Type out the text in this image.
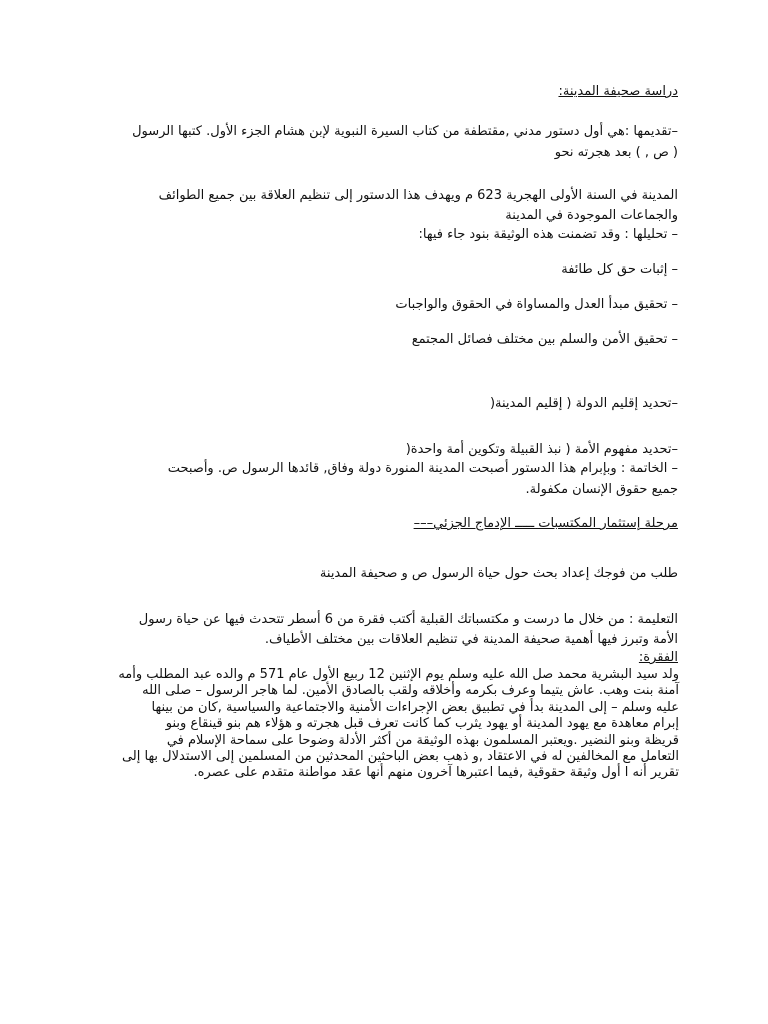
دراسة صحيفة المدينة:
–تقديمها :هي أول دستور مدني ,مقتطفة من كتاب السيرة النبوية لإبن هشام الجزء الأول. كتبها الرسول
( ص , ) بعد هجرته نحو
المدينة في السنة الأولى الهجرية 623 م ويهدف هذا الدستور إلى تنظيم العلاقة بين جميع الطوائف
والجماعات الموجودة في المدينة
– تحليلها : وقد تضمنت هذه الوثيقة بنود جاء فيها:
– إثبات حق كل طائفة
– تحقيق مبدأ العدل والمساواة في الحقوق والواجبات
– تحقيق الأمن والسلم بين مختلف فصائل المجتمع
–تحديد إقليم الدولة ( إقليم المدينة(
–تحديد مفهوم الأمة ( نبذ القبيلة وتكوين أمة واحدة(
– الخاتمة : وبإبرام هذا الدستور أصبحت المدينة المنورة دولة وفاق, قائدها الرسول ص. وأصبحت
جميع حقوق الإنسان مكفولة.
مرحلة إستثمار المكتسبات ـــــ الإدماج الجزئي–––
طلب من فوجك إعداد بحث حول حياة الرسول ص و صحيفة المدينة
التعليمة : من خلال ما درست و مكتسباتك القبلية أكتب فقرة من 6 أسطر تتحدث فيها عن حياة رسول
الأمة وتبرز فيها أهمية صحيفة المدينة في تنظيم العلاقات بين مختلف الأطياف.
الفقرة:

ولد سيد البشرية محمد صل الله عليه وسلم يوم الإثنين 12 ربيع الأول عام 571 م والده عبد المطلب وأمه

آمنة بنت وهب. عاش يتيما وعرف بكرمه وأخلاقه ولقب بالصادق الأمين. لما هاجر الرسول – صلى الله

عليه وسلم – إلى المدينة بدأ في تطبيق بعض الإجراءات الأمنية والاجتماعية والسياسية ,كان من بينها

إبرام معاهدة مع يهود المدينة أو يهود يثرب كما كانت تعرف قبل هجرته و هؤلاء هم بنو قينقاع وبنو

قريظة وبنو النضير .ويعتبر المسلمون بهذه الوثيقة من أكثر الأدلة وضوحا على سماحة الإسلام في

التعامل مع المخالفين له في الاعتقاد ,و ذهب بعض الباحثين المحدثين من المسلمين إلى الاستدلال بها إلى

تقرير أنه ا أول وثيقة حقوقية ,فيما اعتبرها آخرون منهم أنها عقد مواطنة متقدم على عصره.
